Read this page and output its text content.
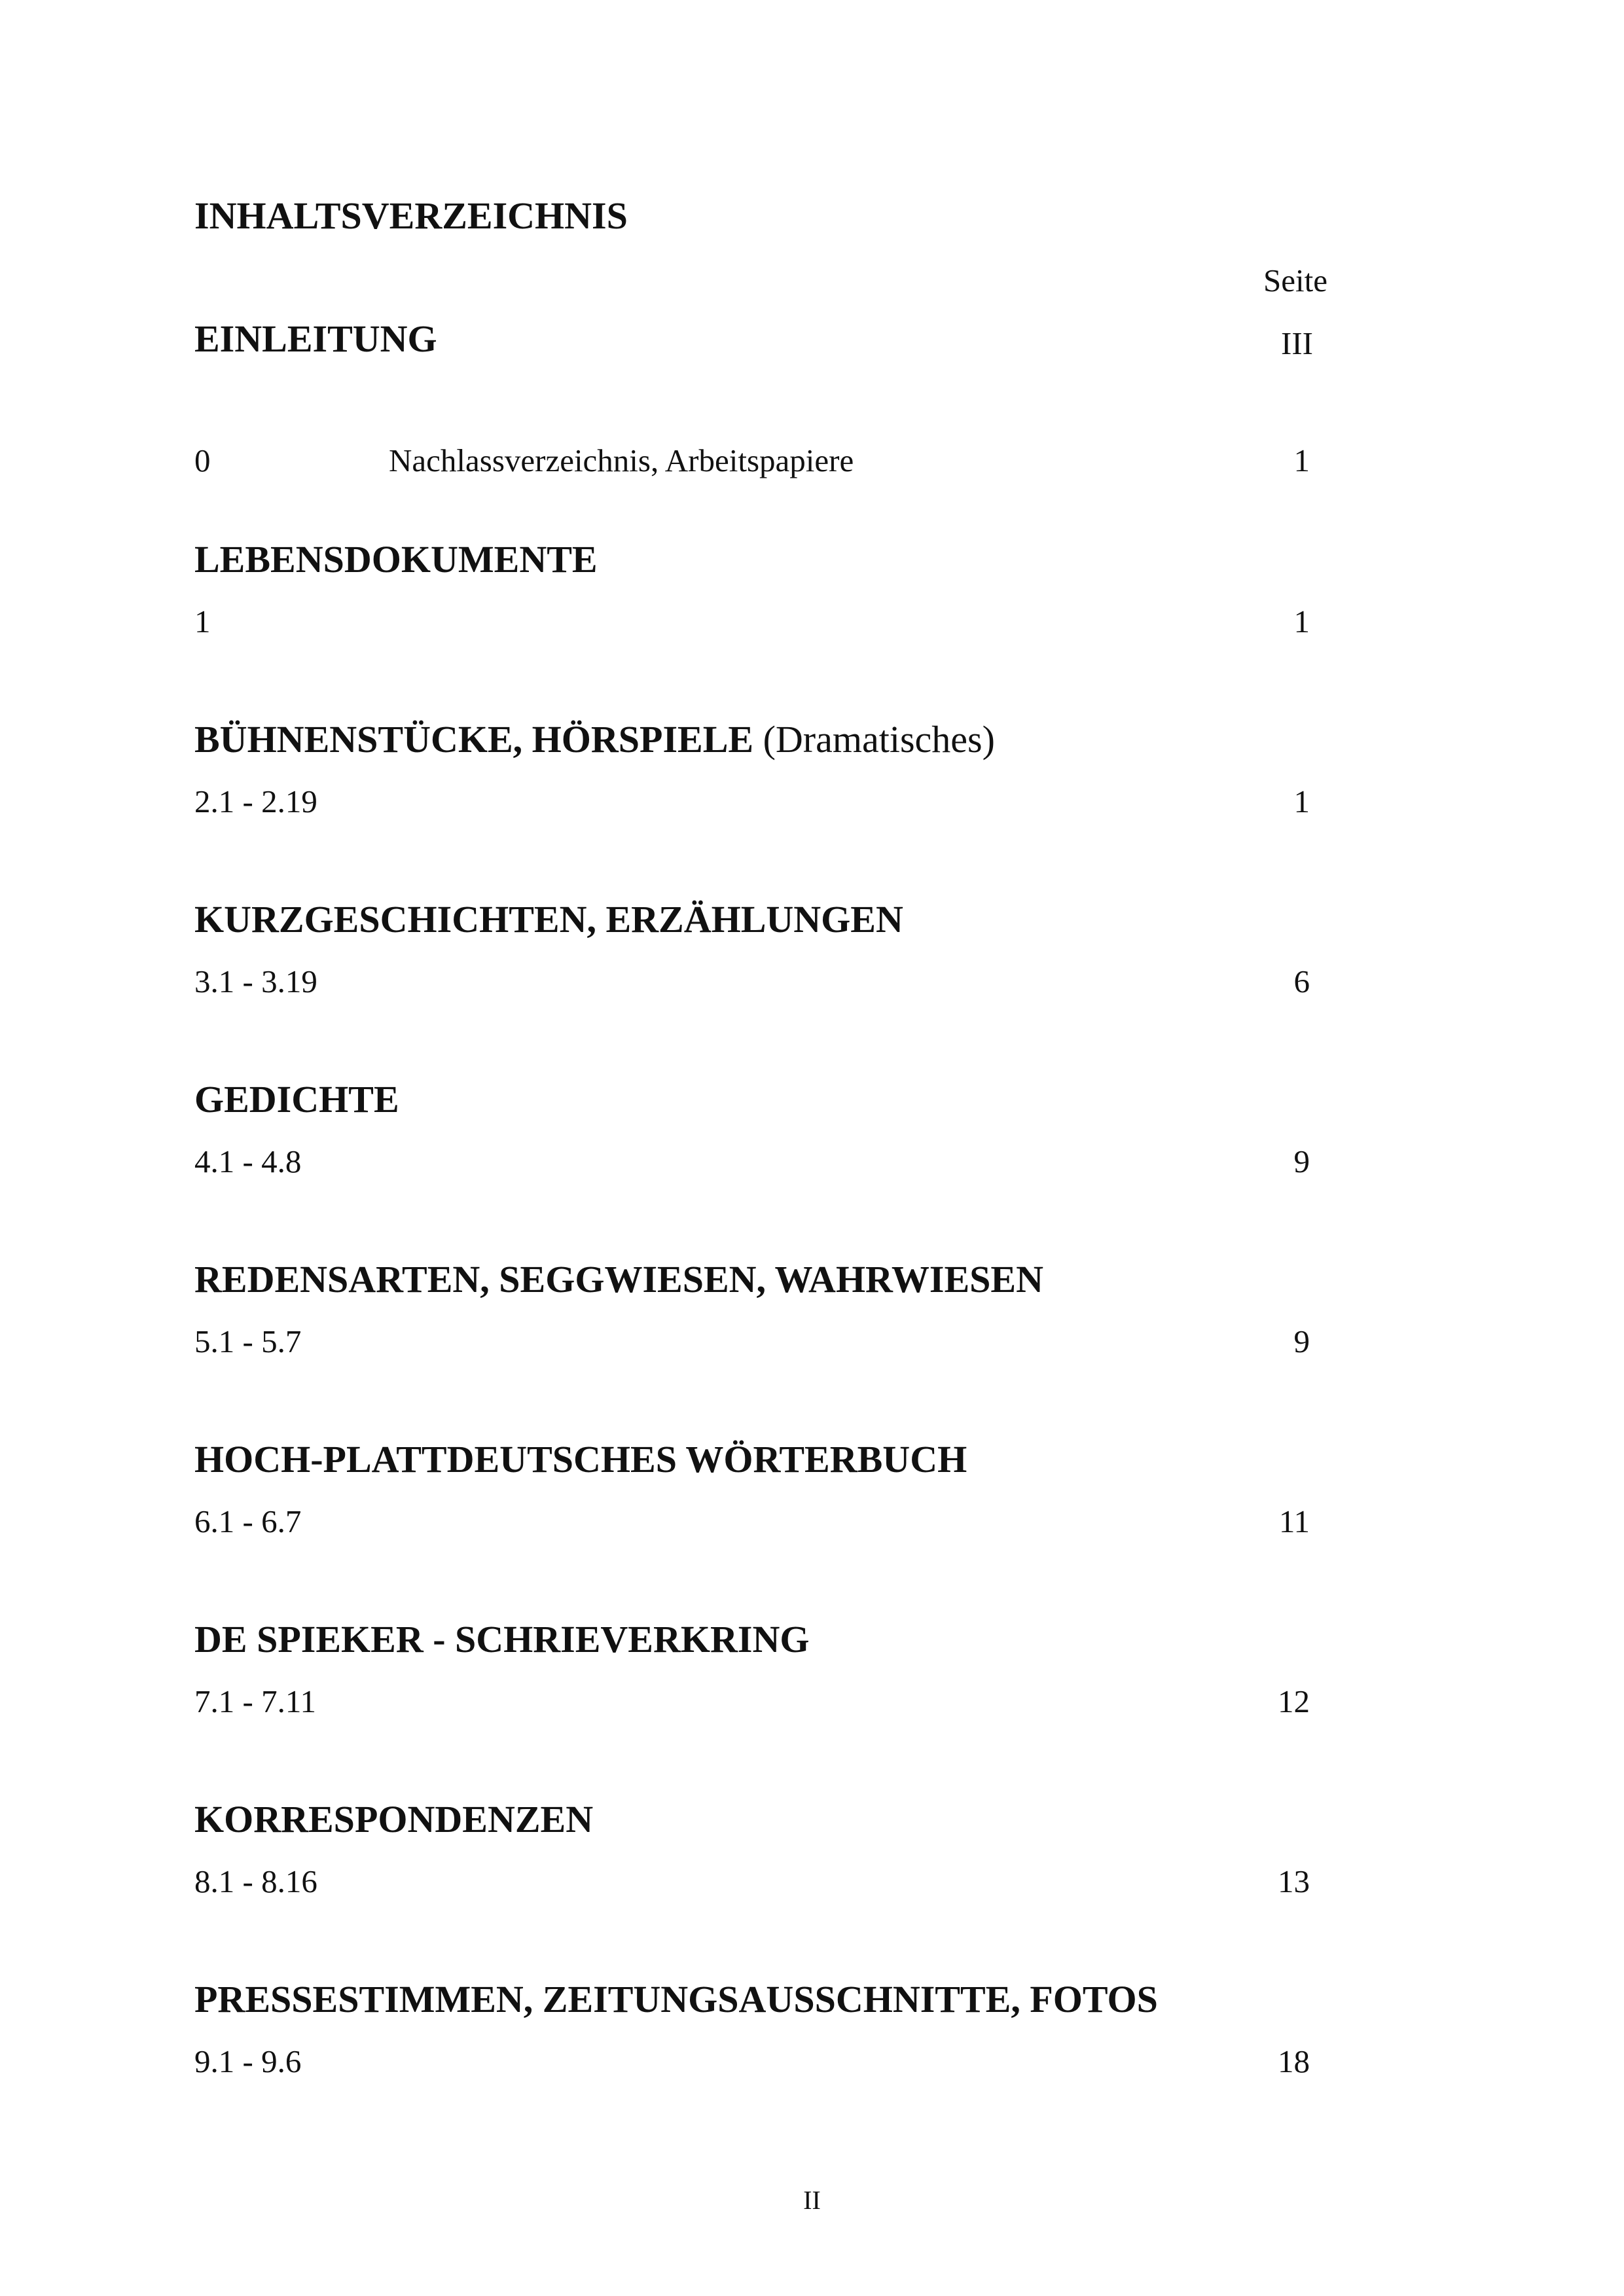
INHALTSVERZEICHNIS
Seite
EINLEITUNG	III
0	Nachlassverzeichnis, Arbeitspapiere	1
LEBENSDOKUMENTE
1	1
BÜHNENSTÜCKE, HÖRSPIELE (Dramatisches)
2.1 - 2.19	1
KURZGESCHICHTEN, ERZÄHLUNGEN
3.1 - 3.19	6
GEDICHTE
4.1 - 4.8	9
REDENSARTEN, SEGGWIESEN, WAHRWIESEN
5.1 - 5.7	9
HOCH-PLATTDEUTSCHES WÖRTERBUCH
6.1 - 6.7	11
DE SPIEKER - SCHRIEVERKRING
7.1 - 7.11	12
KORRESPONDENZEN
8.1 - 8.16	13
PRESSESTIMMEN, ZEITUNGSAUSSCHNITTE, FOTOS
9.1 - 9.6	18
II
